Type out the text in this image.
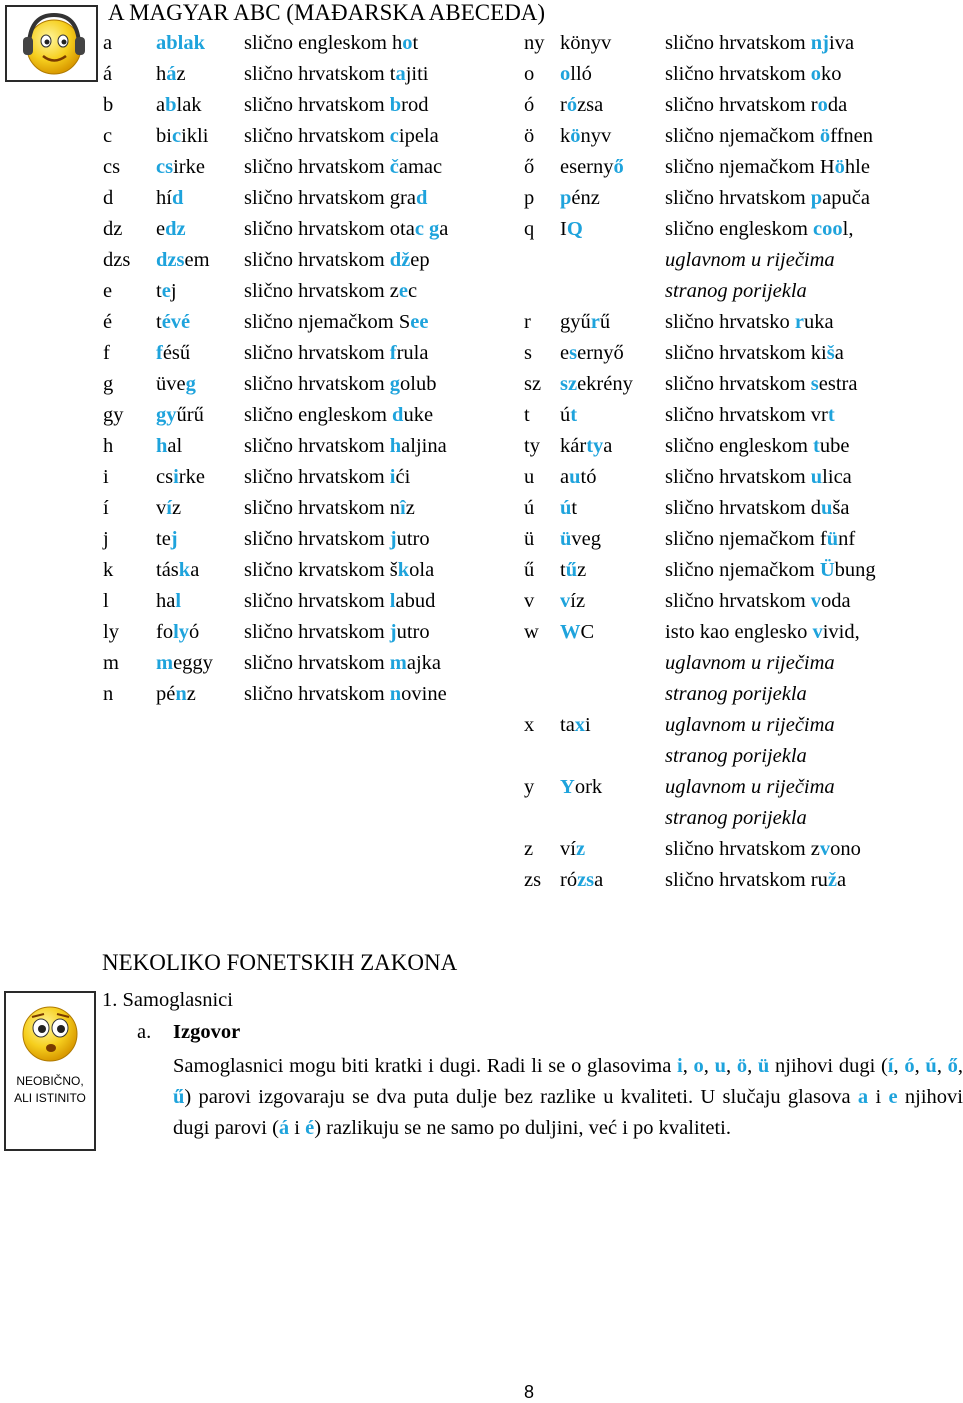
A MAGYAR ABC (MAĐARSKA ABECEDA)
a ablak slično engleskom hot
á ház	slično hrvatskom tajiti
b ablak slično hrvatskom brod
c bicikli slično hrvatskom cipela
cs csirke slično hrvatskom čamac
d híd	slično hrvatskom grad
dz edz	slično hrvatskom otac ga
dzs dzsem slično hrvatskom džep
e tej	slično hrvatskom zec
é tévé	slično njemačkom See
f fésű	slično hrvatskom frula
g üveg slično hrvatskom golub
gy gyűrű slično engleskom duke
h hal	slično hrvatskom haljina
i csirke slično hrvatskom ići
í víz	slično hrvatskom nîz
j tej	slično hrvatskom jutro
k táska slično krvatskom škola
l hal	slično hrvatskom labud
ly folyó slično hrvatskom jutro
m meggy slično hrvatskom majka
n pénz slično hrvatskom novine
ny könyv	slično hrvatskom njiva
o olló	slično hrvatskom oko
ó rózsa	slično hrvatskom roda
ö könyv	slično njemačkom öffnen
ő esernyő slično njemačkom Höhle
p pénz	slično hrvatskom papuča
q IQ	slično engleskom cool,
uglavnom u riječima
stranog porijekla
r gyűrű	slično hrvatsko ruka
s esernyő slično hrvatskom kiša
sz szekrény slično hrvatskom sestra
t út	slično hrvatskom vrt
ty kártya	slično engleskom tube
u autó	slično hrvatskom ulica
ú út	slično hrvatskom duša
ü üveg	slično njemačkom fünf
ű tűz	slično njemačkom Übung
v víz	slično hrvatskom voda
w WC	isto kao englesko vivid,
uglavnom u riječima
stranog porijekla
x taxi	uglavnom u riječima
stranog porijekla
y York	uglavnom u riječima
stranog porijekla
z víz	slično hrvatskom zvono
zs rózsa	slično hrvatskom ruža
NEKOLIKO FONETSKIH ZAKONA
1. Samoglasnici
a. Izgovor
Samoglasnici mogu biti kratki i dugi. Radi li se o glasovima i, o, u, ö, ü njihovi dugi (í, ó, ú, ő, ű) parovi izgovaraju se dva puta dulje bez razlike u kvaliteti. U slučaju glasova a i e njihovi dugi parovi (á i é) razlikuju se ne samo po duljini, već i po kvaliteti.
NEOBIČNO,
ALI ISTINITO
8
